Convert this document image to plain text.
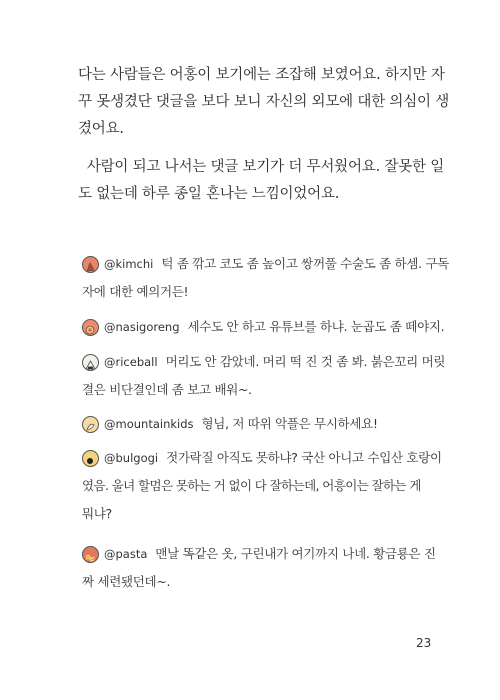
다는 사람들은 어홍이 보기에는 조잡해 보였어요. 하지만 자

꾸 못생겼단 댓글을 보다 보니 자신의 외모에 대한 의심이 생

겼어요.

사람이 되고 나서는 댓글 보기가 더 무서웠어요. 잘못한 일

도 없는데 하루 종일 혼나는 느낌이었어요.

@kimchi 턱 좀 깎고 코도 좀 높이고 쌍꺼풀 수술도 좀 하셈. 구독
자에 대한 예의거든!
@nasigoreng 세수도 안 하고 유튜브를 하냐. 눈곱도 좀 떼야지.
@riceball 머리도 안 감았네. 머리 떡 진 것 좀 봐. 붉은꼬리 머릿
결은 비단결인데 좀 보고 배워~.
@mountainkids 형님, 저 따위 악플은 무시하세요!
@bulgogi 젓가락질 아직도 못하냐? 국산 아니고 수입산 호랑이
였음. 울녀 할멈은 못하는 거 없이 다 잘하는데, 어흥이는 잘하는 게
뭐냐?
@pasta 맨날 똑같은 옷, 구린내가 여기까지 나네. 황금룡은 진
짜 세련됐던데~.
23
